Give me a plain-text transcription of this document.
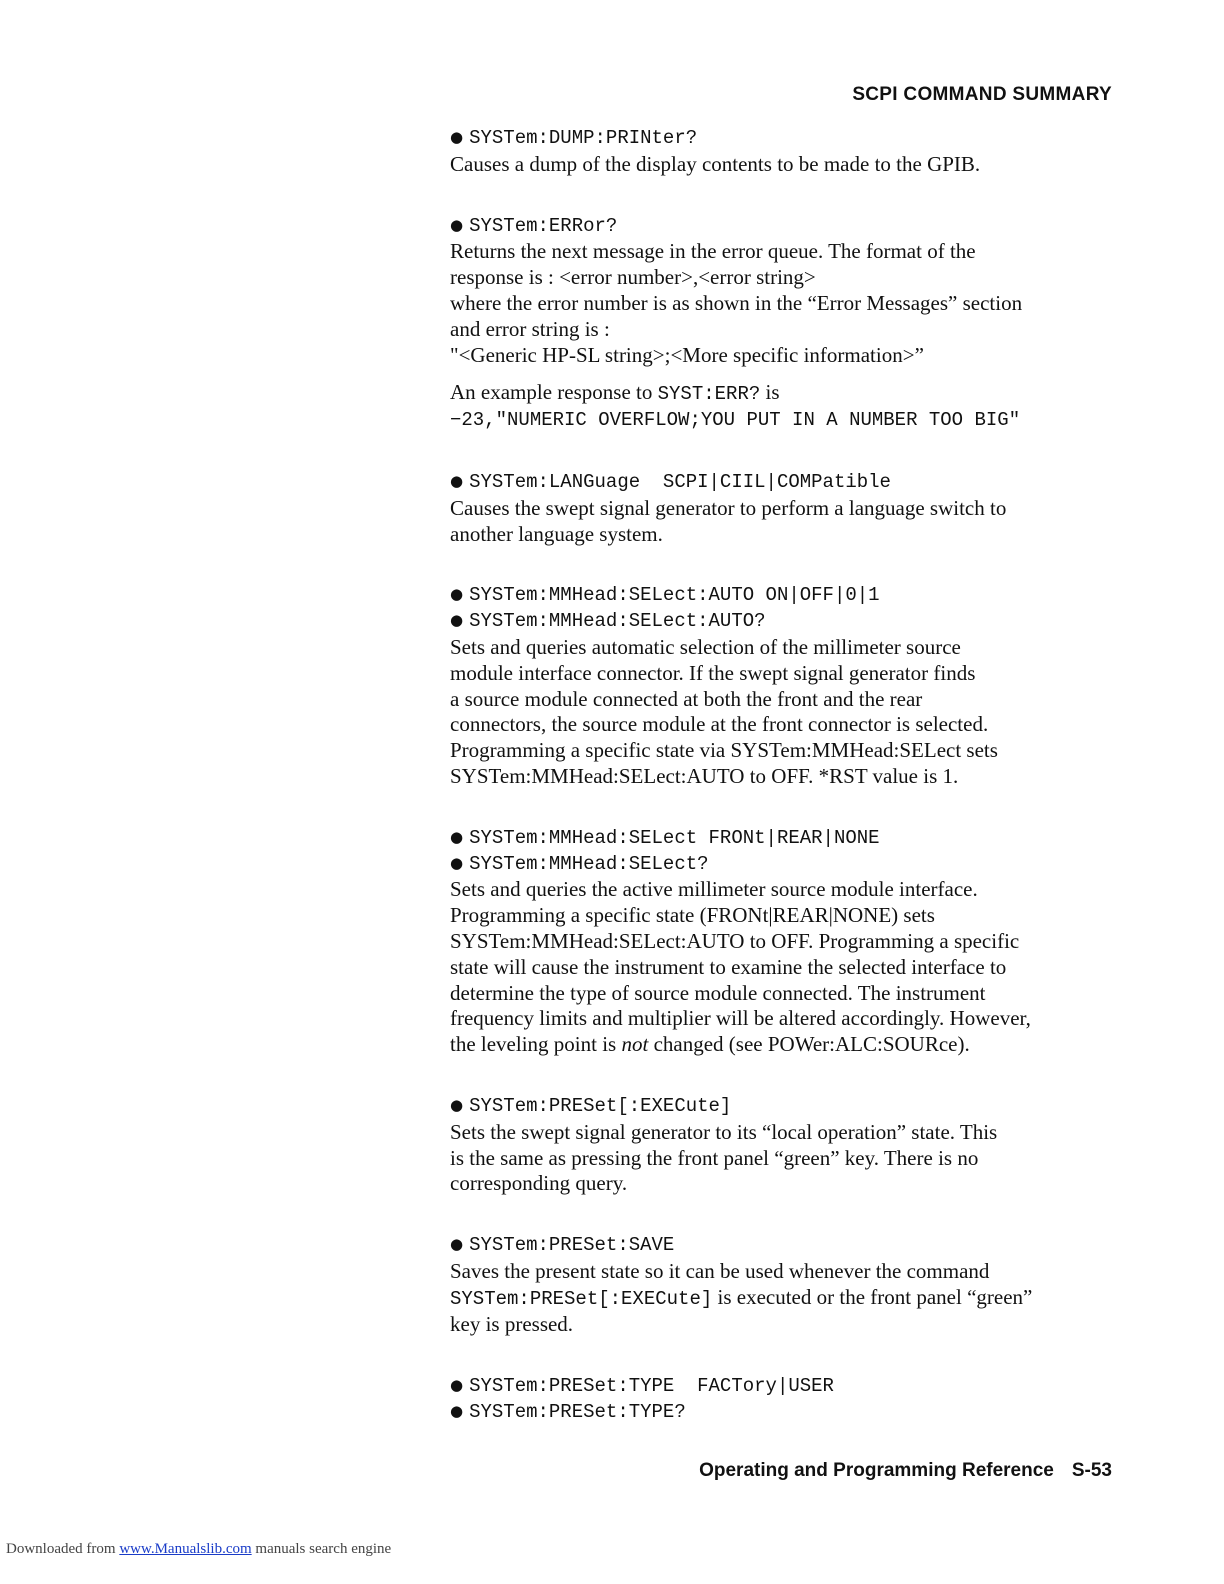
SCPI COMMAND SUMMARY
● SYSTem:DUMP:PRINter?
Causes a dump of the display contents to be made to the GPIB.
● SYSTem:ERRor?
Returns the next message in the error queue. The format of the
response is : <error number>,<error string>
where the error number is as shown in the “Error Messages” section
and error string is :
"<Generic HP-SL string>;<More specific information>”
An example response to SYST:ERR? is
−23,"NUMERIC OVERFLOW;YOU PUT IN A NUMBER TOO BIG"
● SYSTem:LANGuage  SCPI|CIIL|COMPatible
Causes the swept signal generator to perform a language switch to
another language system.
● SYSTem:MMHead:SELect:AUTO ON|OFF|0|1
● SYSTem:MMHead:SELect:AUTO?
Sets and queries automatic selection of the millimeter source
module interface connector. If the swept signal generator finds
a source module connected at both the front and the rear
connectors, the source module at the front connector is selected.
Programming a specific state via SYSTem:MMHead:SELect sets
SYSTem:MMHead:SELect:AUTO to OFF. *RST value is 1.
● SYSTem:MMHead:SELect FRONt|REAR|NONE
● SYSTem:MMHead:SELect?
Sets and queries the active millimeter source module interface.
Programming a specific state (FRONt|REAR|NONE) sets
SYSTem:MMHead:SELect:AUTO to OFF. Programming a specific
state will cause the instrument to examine the selected interface to
determine the type of source module connected. The instrument
frequency limits and multiplier will be altered accordingly. However,
the leveling point is not changed (see POWer:ALC:SOURce).
● SYSTem:PRESet[:EXECute]
Sets the swept signal generator to its “local operation” state. This
is the same as pressing the front panel “green” key. There is no
corresponding query.
● SYSTem:PRESet:SAVE
Saves the present state so it can be used whenever the command
SYSTem:PRESet[:EXECute] is executed or the front panel “green”
key is pressed.
● SYSTem:PRESet:TYPE  FACTory|USER
● SYSTem:PRESet:TYPE?
Operating and Programming Reference S-53
Downloaded from www.Manualslib.com manuals search engine
